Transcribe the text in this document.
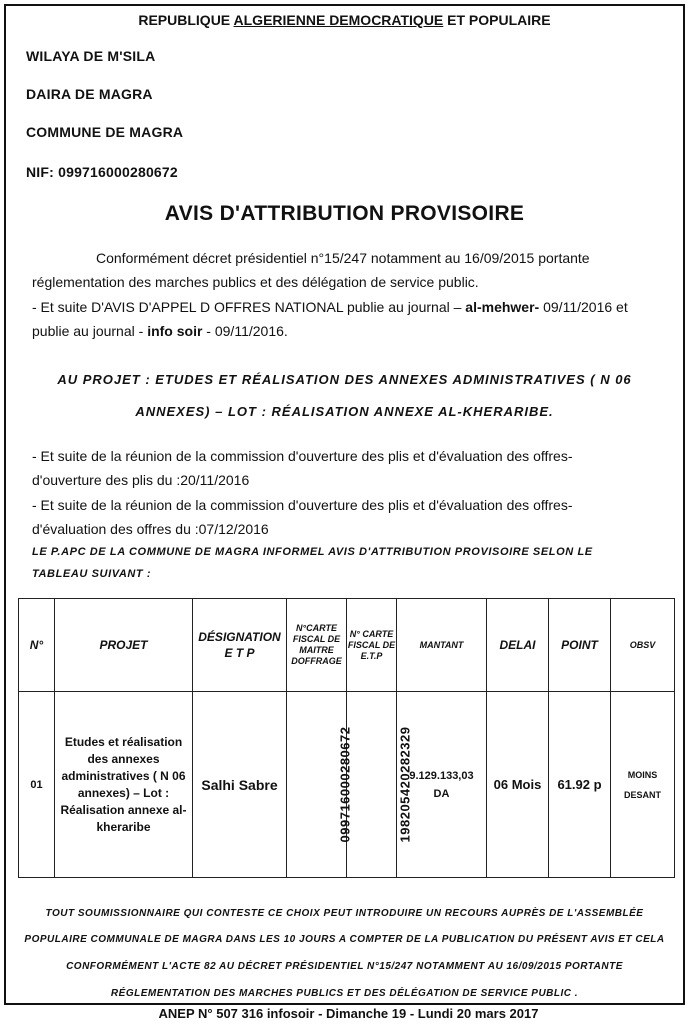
REPUBLIQUE ALGERIENNE DEMOCRATIQUE ET POPULAIRE
WILAYA DE M'SILA
DAIRA DE MAGRA
COMMUNE DE MAGRA
NIF: 099716000280672
AVIS D'ATTRIBUTION PROVISOIRE
Conformément décret présidentiel n°15/247 notamment au 16/09/2015 portante
réglementation des marches publics et des délégation de service public.
- Et suite D'AVIS D'APPEL D OFFRES NATIONAL publie au journal – al-mehwer- 09/11/2016 et
publie au journal - info soir - 09/11/2016.
AU PROJET : ETUDES ET RÉALISATION DES ANNEXES ADMINISTRATIVES ( N 06
ANNEXES) – LOT : RÉALISATION ANNEXE AL-KHERARIBE.
- Et suite de la réunion de la commission d'ouverture des plis et d'évaluation des offres-
d'ouverture des plis du :20/11/2016
- Et suite de la réunion de la commission d'ouverture des plis et d'évaluation des offres-
d'évaluation des offres du :07/12/2016
LE P.APC DE LA COMMUNE DE MAGRA INFORMEL AVIS D'ATTRIBUTION PROVISOIRE SELON LE
TABLEAU SUIVANT :
N°	PROJET	DÉSIGNATION E T P	N°CARTE FISCAL DE MAITRE DOFFRAGE	N° CARTE FISCAL DE E.T.P	MANTANT	DELAI	POINT	OBSV
01	Etudes et réalisation des annexes administratives ( N 06 annexes) – Lot : Réalisation annexe al-kheraribe	Salhi Sabre	099716000280672	198205420282329	9.129.133,03 DA	06 Mois	61.92 p	MOINS DESANT
TOUT SOUMISSIONNAIRE QUI CONTESTE CE CHOIX PEUT INTRODUIRE UN RECOURS AUPRÈS DE L'ASSEMBLÉE
POPULAIRE COMMUNALE DE MAGRA DANS LES 10 JOURS A COMPTER DE LA PUBLICATION DU PRÉSENT AVIS ET CELA
CONFORMÉMENT L'ACTE 82 AU DÉCRET PRÉSIDENTIEL N°15/247 NOTAMMENT AU 16/09/2015 PORTANTE
RÉGLEMENTATION DES MARCHES PUBLICS ET DES DÉLÉGATION DE SERVICE PUBLIC .
ANEP N° 507 316 infosoir - Dimanche 19 - Lundi 20 mars 2017
